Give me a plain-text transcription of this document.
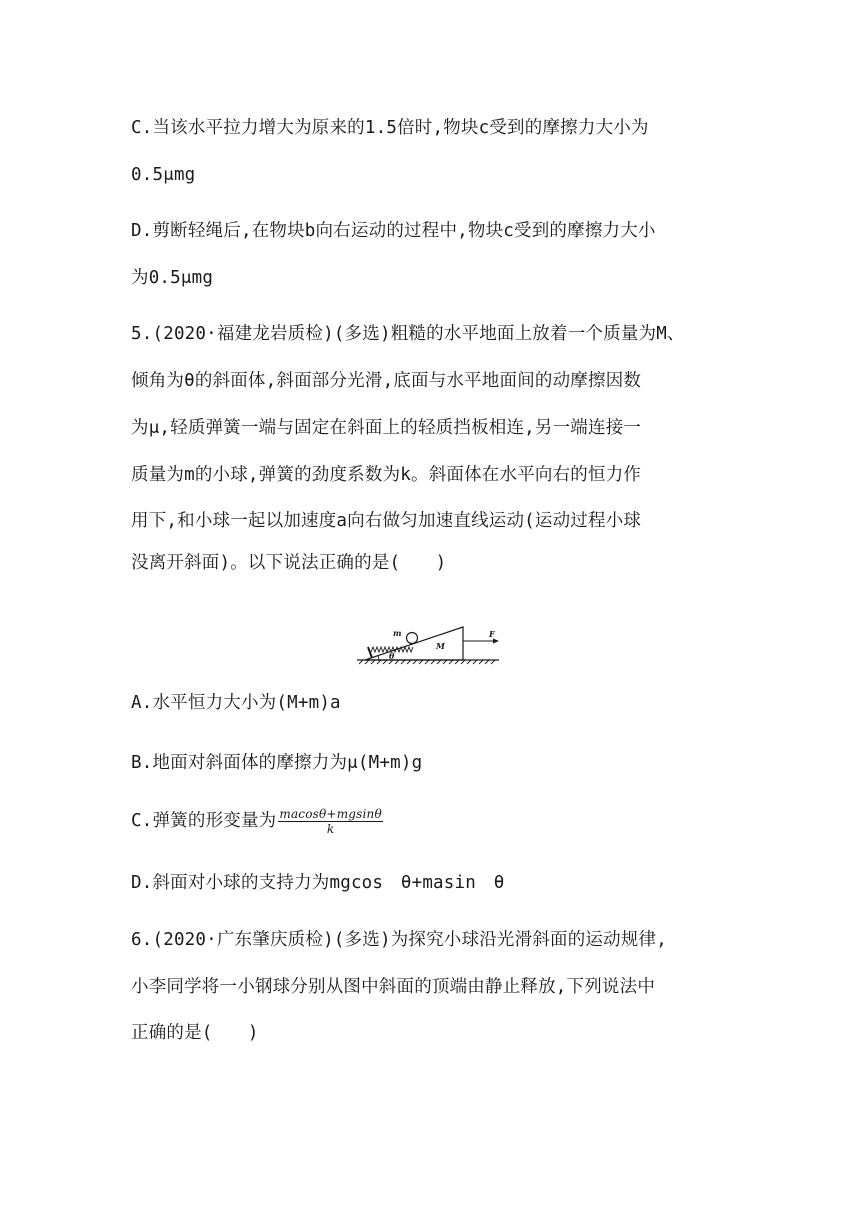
C.当该水平拉力增大为原来的1.5倍时,物块c受到的摩擦力大小为
0.5μmg
D.剪断轻绳后,在物块b向右运动的过程中,物块c受到的摩擦力大小
为0.5μmg
5.(2020·福建龙岩质检)(多选)粗糙的水平地面上放着一个质量为M、
倾角为θ的斜面体,斜面部分光滑,底面与水平地面间的动摩擦因数
为μ,轻质弹簧一端与固定在斜面上的轻质挡板相连,另一端连接一
质量为m的小球,弹簧的劲度系数为k。斜面体在水平向右的恒力作
用下,和小球一起以加速度a向右做匀加速直线运动(运动过程小球
没离开斜面)。以下说法正确的是(　　)
m
M
F
θ
A.水平恒力大小为(M+m)a
B.地面对斜面体的摩擦力为μ(M+m)g
C.弹簧的形变量为 $\frac{macos\theta+mgsin\theta}{k}$
D.斜面对小球的支持力为mgcos　θ+masin　θ
6.(2020·广东肇庆质检)(多选)为探究小球沿光滑斜面的运动规律,
小李同学将一小钢球分别从图中斜面的顶端由静止释放,下列说法中
正确的是(　　)
